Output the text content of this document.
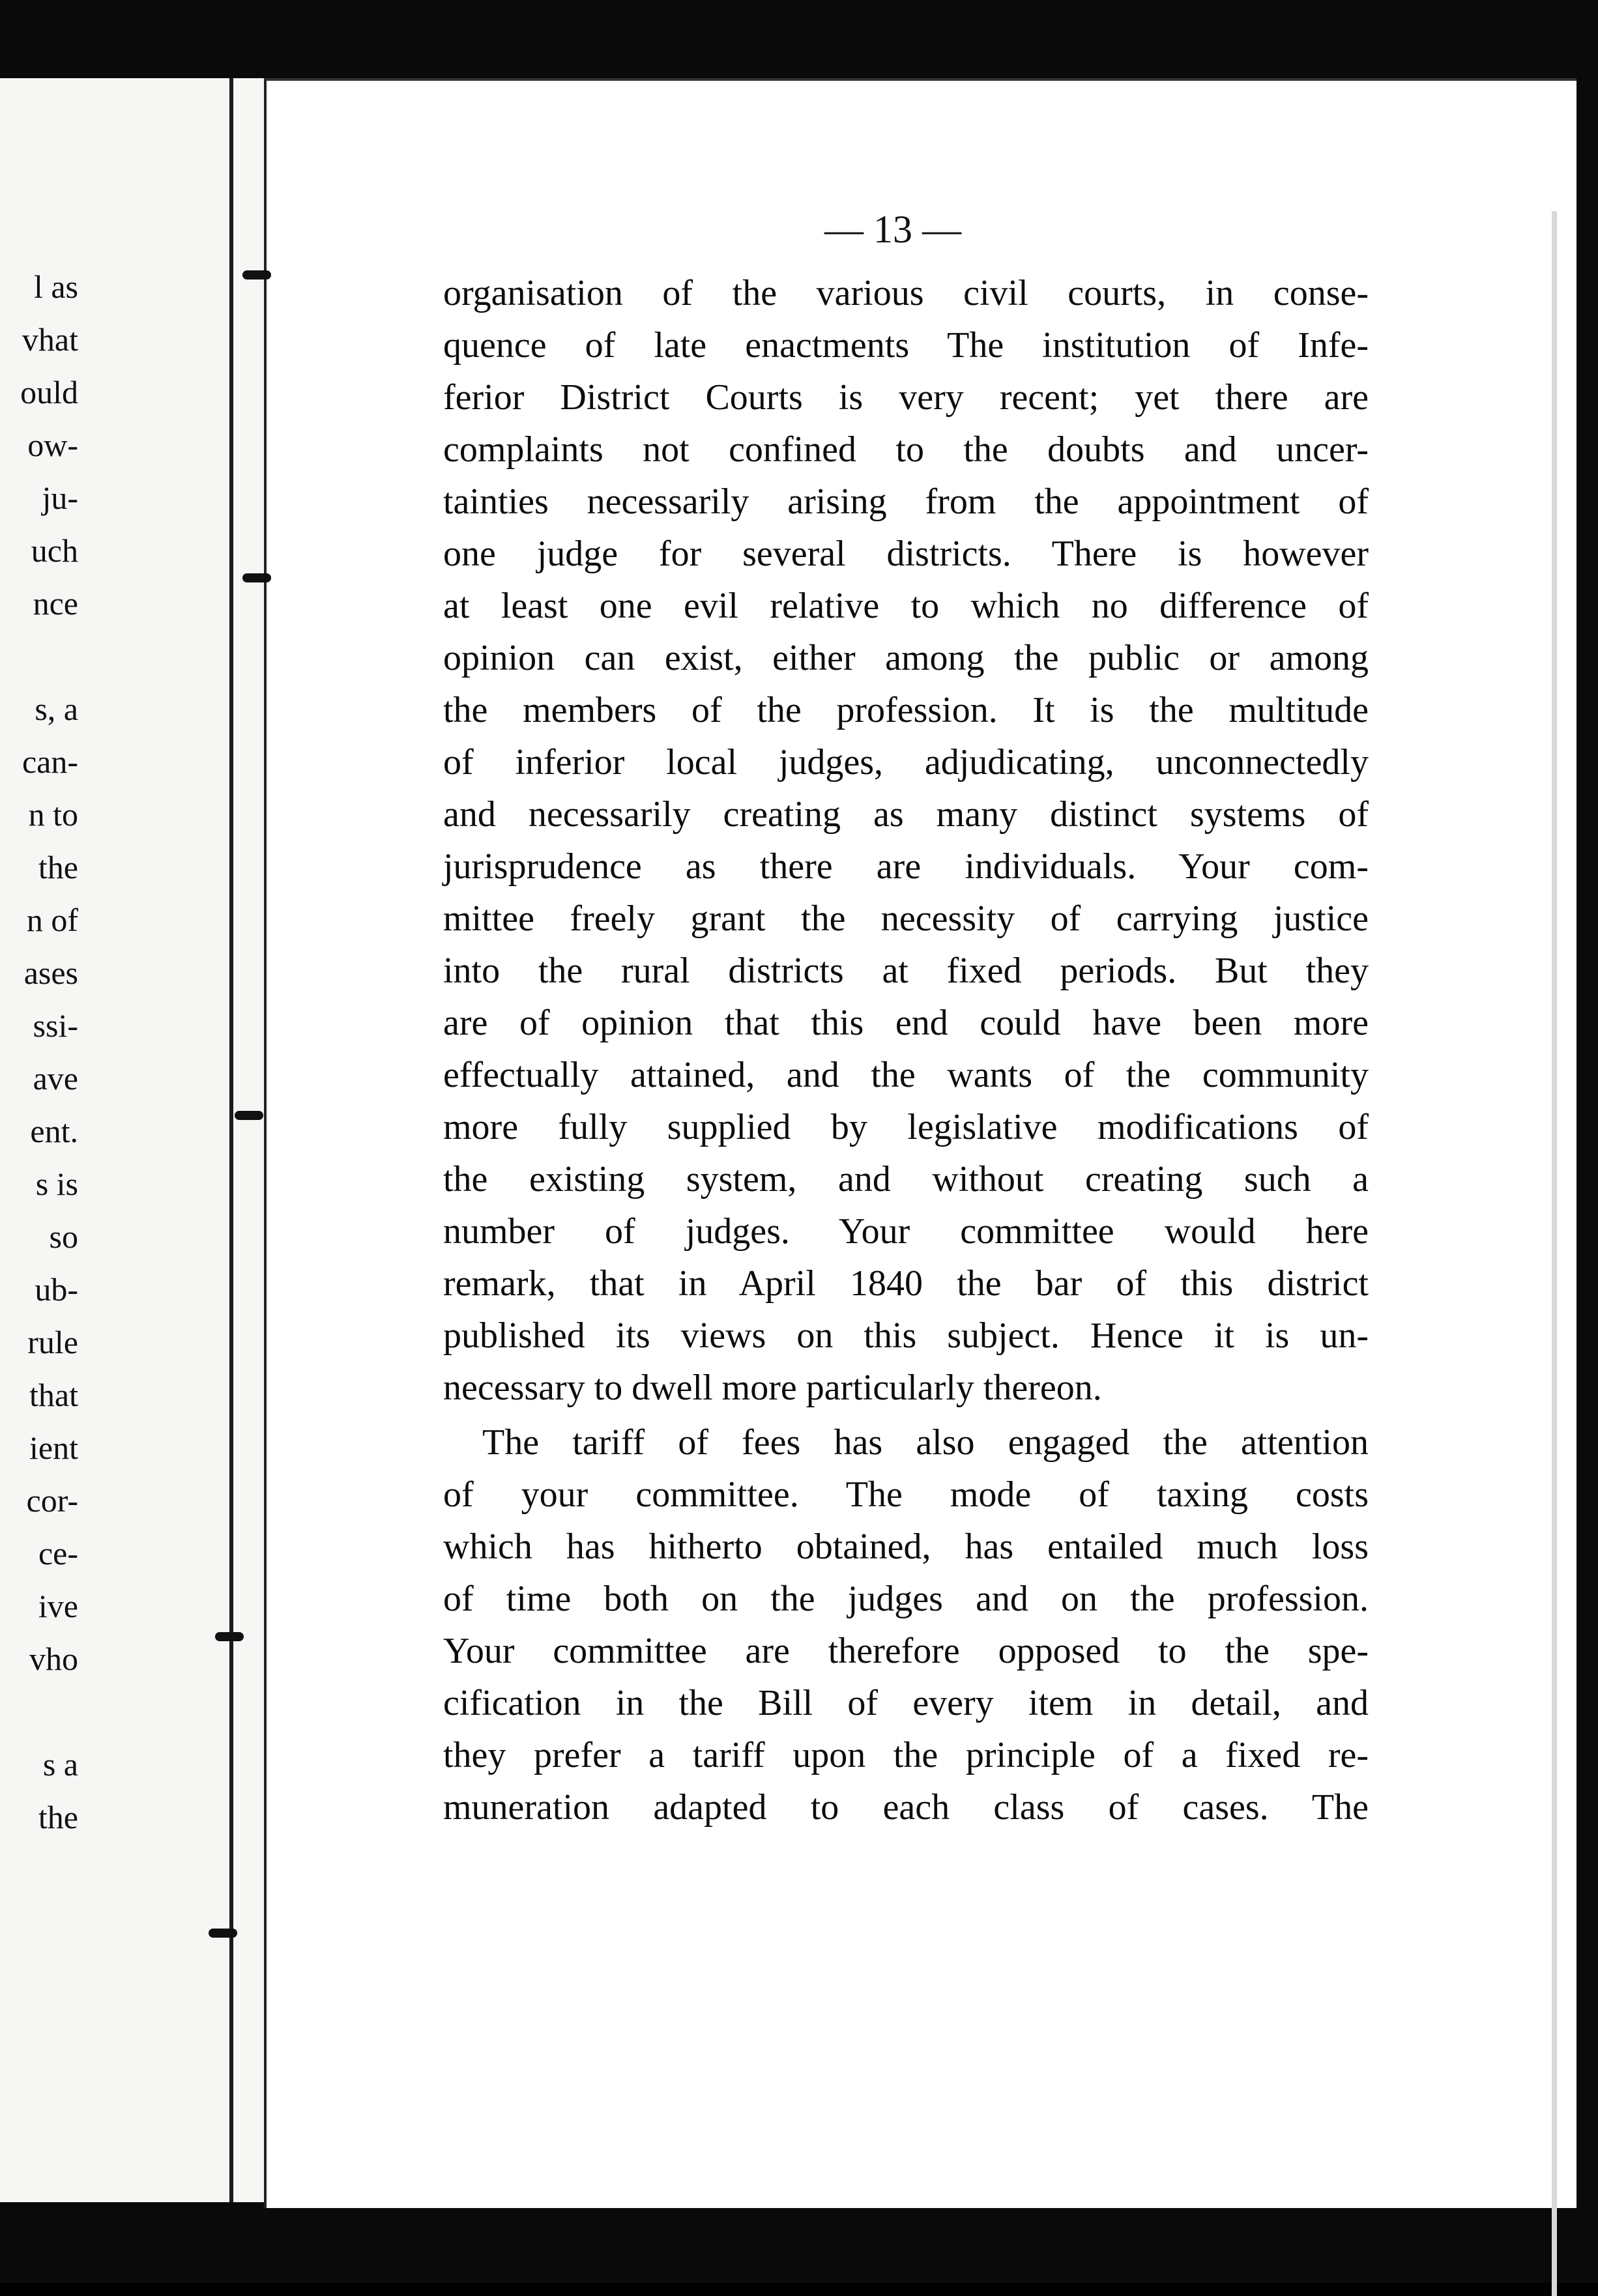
l as
vhat
ould
ow-
ju-
uch
nce
s, a
can-
n to
the
n of
ases
ssi-
ave
ent.
s is
so
ub-
rule
that
ient
cor-
ce-
ive
vho
s a
the
— 13 —
organisation of the various civil courts, in conse-
quence of late enactments The institution of Infe-
ferior District Courts is very recent; yet there are
complaints not confined to the doubts and uncer-
tainties necessarily arising from the appointment of
one judge for several districts. There is however
at least one evil relative to which no difference of
opinion can exist, either among the public or among
the members of the profession. It is the multitude
of inferior local judges, adjudicating, unconnectedly
and necessarily creating as many distinct systems of
jurisprudence as there are individuals. Your com-
mittee freely grant the necessity of carrying justice
into the rural districts at fixed periods. But they
are of opinion that this end could have been more
effectually attained, and the wants of the community
more fully supplied by legislative modifications of
the existing system, and without creating such a
number of judges. Your committee would here
remark, that in April 1840 the bar of this district
published its views on this subject. Hence it is un-
necessary to dwell more particularly thereon.
The tariff of fees has also engaged the attention
of your committee. The mode of taxing costs
which has hitherto obtained, has entailed much loss
of time both on the judges and on the profession.
Your committee are therefore opposed to the spe-
cification in the Bill of every item in detail, and
they prefer a tariff upon the principle of a fixed re-
muneration adapted to each class of cases. The
